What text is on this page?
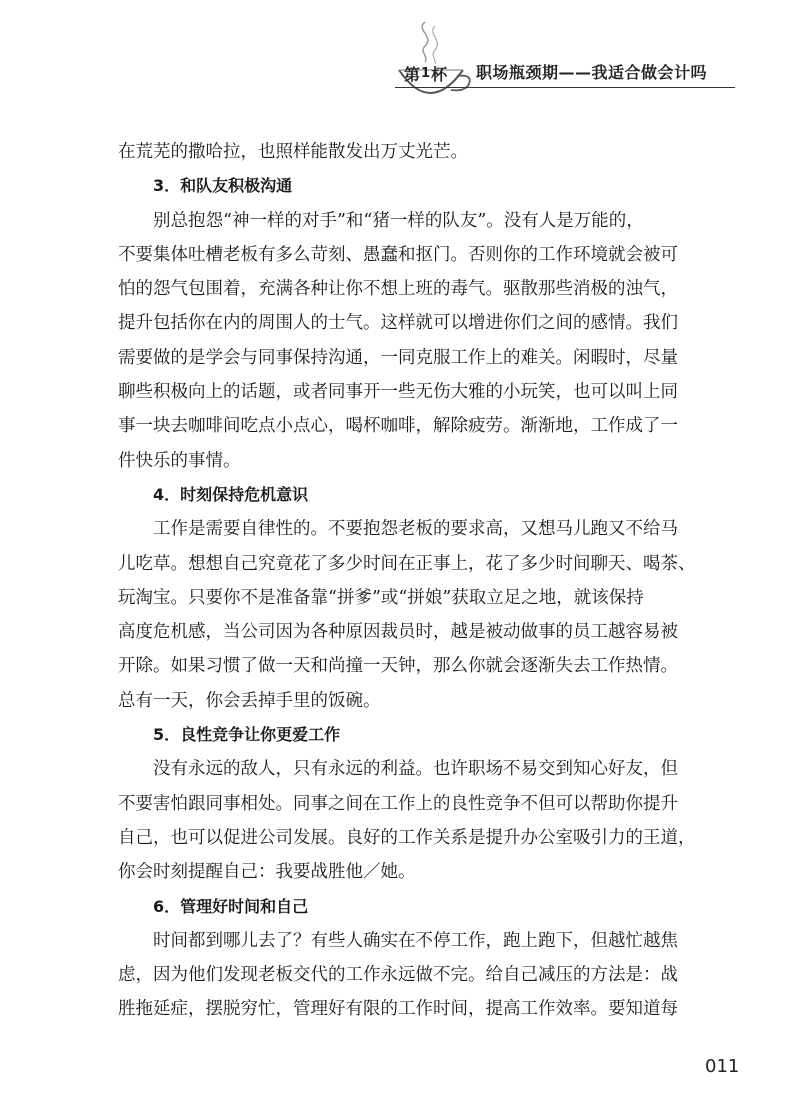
第 1 杯 职场瓶颈期——我适合做会计吗
在荒芜的撒哈拉，也照样能散发出万丈光芒。
3．和队友积极沟通
别总抱怨“神一样的对手”和“猪一样的队友”。没有人是万能的，
不要集体吐槽老板有多么苛刻、愚蠢和抠门。否则你的工作环境就会被可
怕的怨气包围着，充满各种让你不想上班的毒气。驱散那些消极的浊气，
提升包括你在内的周围人的士气。这样就可以增进你们之间的感情。我们
需要做的是学会与同事保持沟通，一同克服工作上的难关。闲暇时，尽量
聊些积极向上的话题，或者同事开一些无伤大雅的小玩笑，也可以叫上同
事一块去咖啡间吃点小点心，喝杯咖啡，解除疲劳。渐渐地，工作成了一
件快乐的事情。
4．时刻保持危机意识
工作是需要自律性的。不要抱怨老板的要求高，又想马儿跑又不给马
儿吃草。想想自己究竟花了多少时间在正事上，花了多少时间聊天、喝茶、
玩淘宝。只要你不是准备靠“拼爹”或“拼娘”获取立足之地，就该保持
高度危机感，当公司因为各种原因裁员时，越是被动做事的员工越容易被
开除。如果习惯了做一天和尚撞一天钟，那么你就会逐渐失去工作热情。
总有一天，你会丢掉手里的饭碗。
5．良性竞争让你更爱工作
没有永远的敌人，只有永远的利益。也许职场不易交到知心好友，但
不要害怕跟同事相处。同事之间在工作上的良性竞争不但可以帮助你提升
自己，也可以促进公司发展。良好的工作关系是提升办公室吸引力的王道，
你会时刻提醒自己：我要战胜他／她。
6．管理好时间和自己
时间都到哪儿去了？有些人确实在不停工作，跑上跑下，但越忙越焦
虑，因为他们发现老板交代的工作永远做不完。给自己减压的方法是：战
胜拖延症，摆脱穷忙，管理好有限的工作时间，提高工作效率。要知道每
011
